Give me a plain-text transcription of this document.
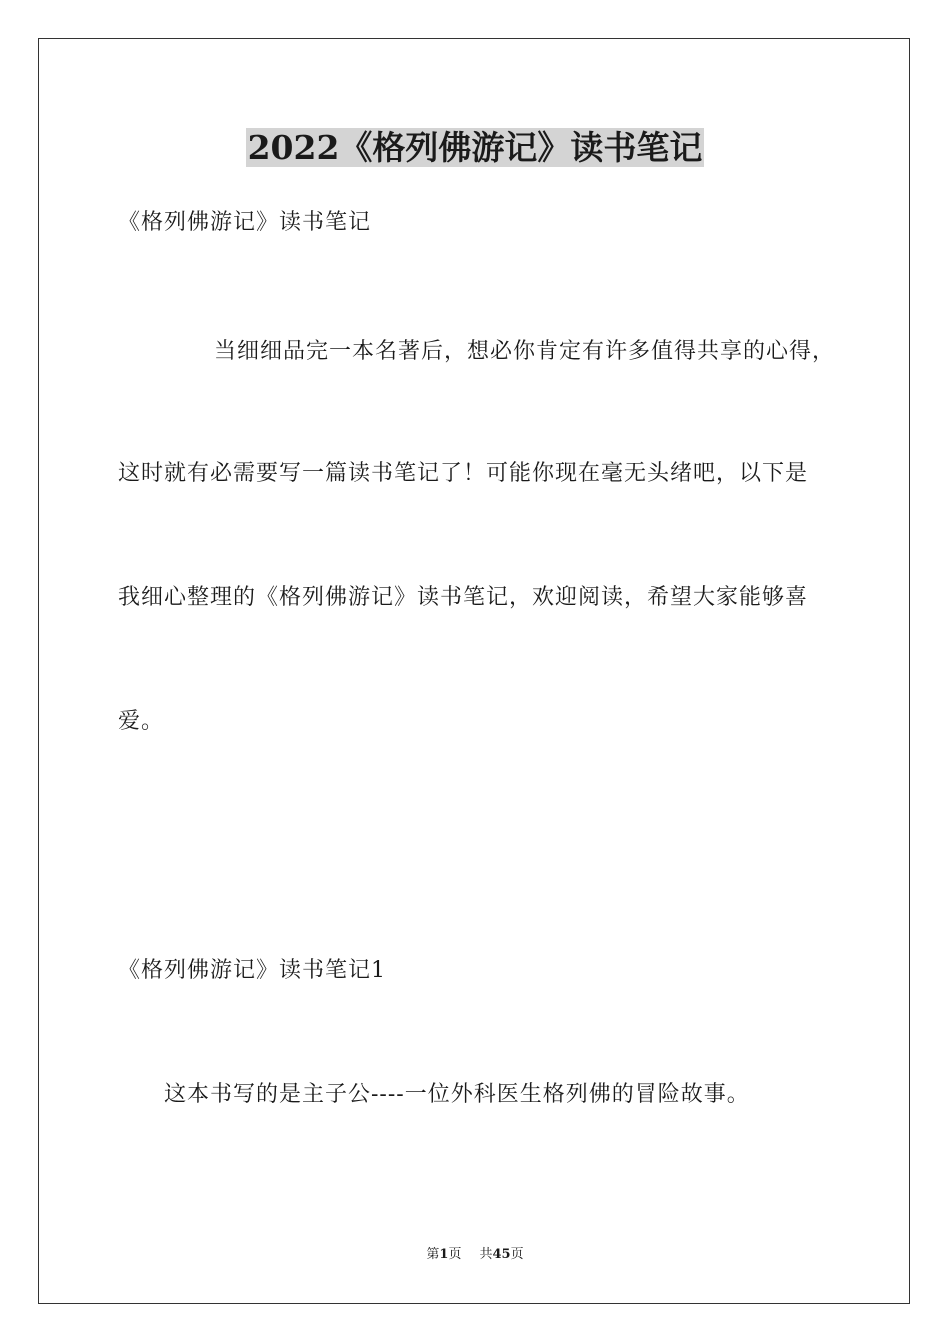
2022《格列佛游记》读书笔记

《格列佛游记》读书笔记

当细细品完一本名著后，想必你肯定有许多值得共享的心得，

这时就有必需要写一篇读书笔记了！可能你现在毫无头绪吧，以下是

我细心整理的《格列佛游记》读书笔记，欢迎阅读，希望大家能够喜

爱。

《格列佛游记》读书笔记1

这本书写的是主子公----一位外科医生格列佛的冒险故事。

第1页 共45页
